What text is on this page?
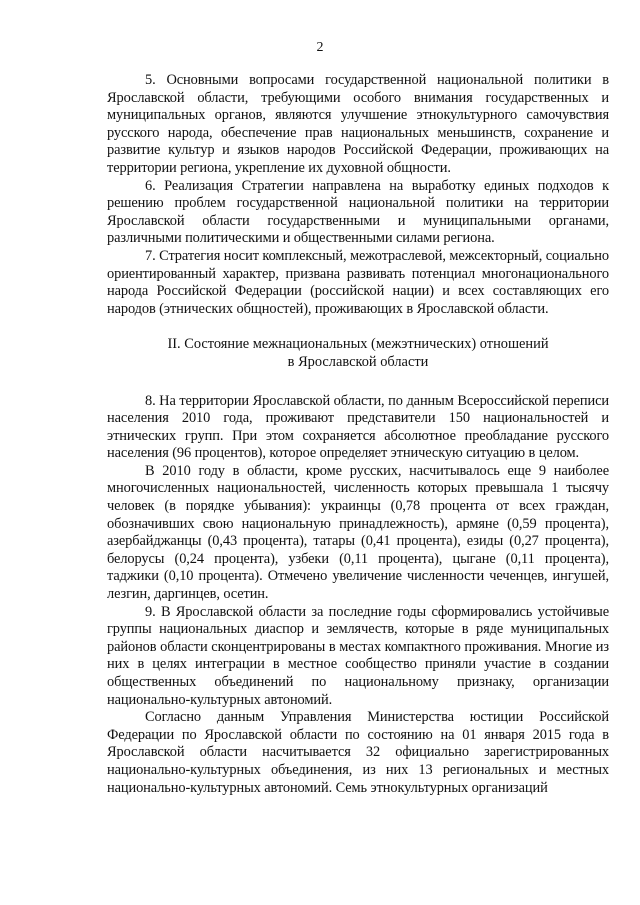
2

5. Основными вопросами государственной национальной политики в Ярославской области, требующими особого внимания государственных и муниципальных органов, являются улучшение этнокультурного самочувствия русского народа, обеспечение прав национальных меньшинств, сохранение и развитие культур и языков народов Российской Федерации, проживающих на территории региона, укрепление их духовной общности.

6. Реализация Стратегии направлена на выработку единых подходов к решению проблем государственной национальной политики на территории Ярославской области государственными и муниципальными органами, различными политическими и общественными силами региона.

7. Стратегия носит комплексный, межотраслевой, межсекторный, социально ориентированный характер, призвана развивать потенциал многонационального народа Российской Федерации (российской нации) и всех составляющих его народов (этнических общностей), проживающих в Ярославской области.

II. Состояние межнациональных (межэтнических) отношений

в Ярославской области

8. На территории Ярославской области, по данным Всероссийской переписи населения 2010 года, проживают представители 150 национальностей и этнических групп. При этом сохраняется абсолютное преобладание русского населения (96 процентов), которое определяет этническую ситуацию в целом.

В 2010 году в области, кроме русских, насчитывалось еще 9 наиболее многочисленных национальностей, численность которых превышала 1 тысячу человек (в порядке убывания): украинцы (0,78 процента от всех граждан, обозначивших свою национальную принадлежность), армяне (0,59 процента), азербайджанцы (0,43 процента), татары (0,41 процента), езиды (0,27 процента), белорусы (0,24 процента), узбеки (0,11 процента), цыгане (0,11 процента), таджики (0,10 процента). Отмечено увеличение численности чеченцев, ингушей, лезгин, даргинцев, осетин.

9. В Ярославской области за последние годы сформировались устойчивые группы национальных диаспор и землячеств, которые в ряде муниципальных районов области сконцентрированы в местах компактного проживания. Многие из них в целях интеграции в местное сообщество приняли участие в создании общественных объединений по национальному признаку, организации национально-культурных автономий.

Согласно данным Управления Министерства юстиции Российской Федерации по Ярославской области по состоянию на 01 января 2015 года в Ярославской области насчитывается 32 официально зарегистрированных национально-культурных объединения, из них 13 региональных и местных национально-культурных автономий. Семь этнокультурных организаций
